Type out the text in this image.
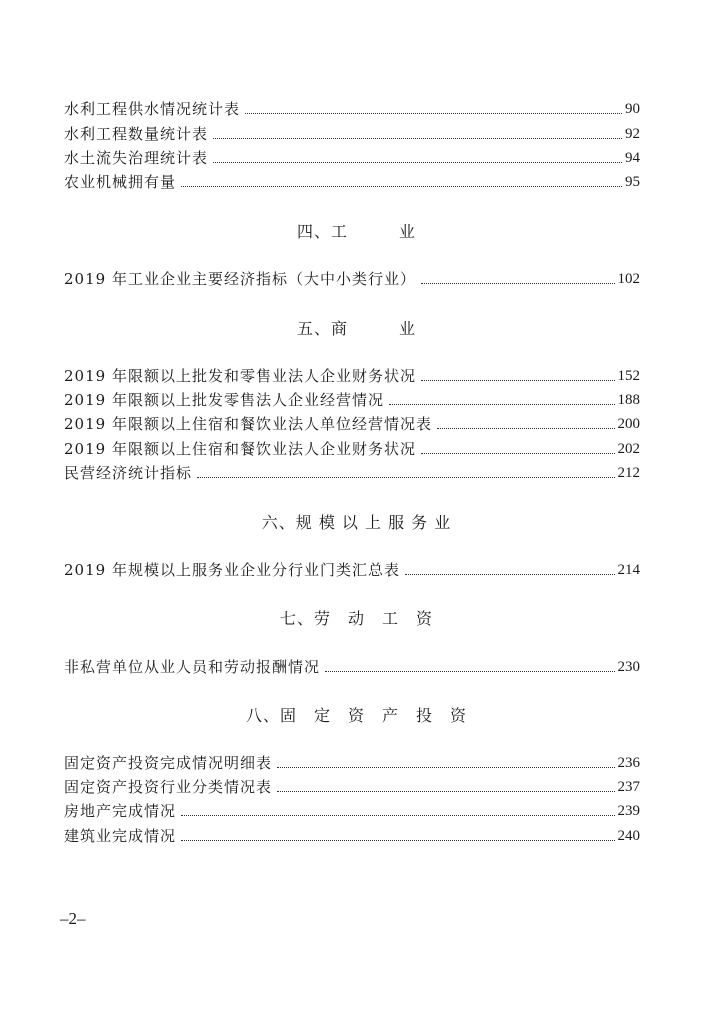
水利工程供水情况统计表	90
水利工程数量统计表	92
水土流失治理统计表	94
农业机械拥有量	95
四、工　　　业
2019 年工业企业主要经济指标（大中小类行业）	102
五、商　　　业
2019 年限额以上批发和零售业法人企业财务状况	152
2019 年限额以上批发零售法人企业经营情况	188
2019 年限额以上住宿和餐饮业法人单位经营情况表	200
2019 年限额以上住宿和餐饮业法人企业财务状况	202
民营经济统计指标	212
六、规 模 以 上 服 务 业
2019 年规模以上服务业企业分行业门类汇总表	214
七、劳　动　工　资
非私营单位从业人员和劳动报酬情况	230
八、固　定　资　产　投　资
固定资产投资完成情况明细表	236
固定资产投资行业分类情况表	237
房地产完成情况	239
建筑业完成情况	240
–2–
